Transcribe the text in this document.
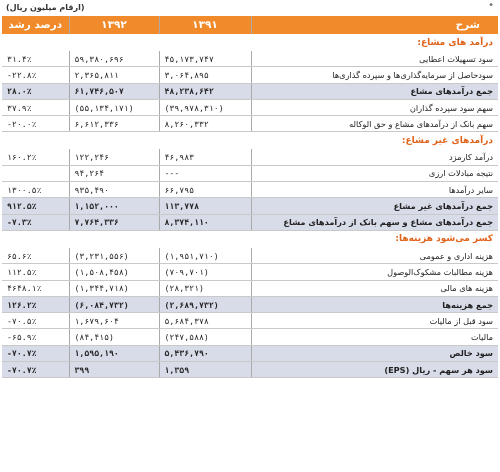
•
(ارقام میلیون ریال)
شرح	۱۳۹۱	۱۳۹۲	درصد رشد
درآمد های مشاع:			
سود تسهیلات اعطایی	۴۵,۱۷۳,۷۴۷	۵۹,۳۸۰,۶۹۶	۳۱.۴٪
سودحاصل از سرمایه‌گذاری‌ها و سپرده گذاری‌ها	۳,۰۶۴,۸۹۵	۲,۳۶۵,۸۱۱	-۲۲.۸٪
جمع درآمدهای مشاع	۴۸,۲۳۸,۶۴۲	۶۱,۷۴۶,۵۰۷	۲۸.۰٪
سهم سود سپرده گذاران	(۳۹,۹۷۸,۳۱۰)	(۵۵,۱۳۴,۱۷۱)	۳۷.۹٪
سهم بانک از درآمدهای مشاع و حق الوکاله	۸,۲۶۰,۳۳۲	۶,۶۱۲,۳۳۶	-۲۰.۰٪
درآمدهای غیر مشاع:			
درآمد کارمزد	۴۶,۹۸۳	۱۲۲,۲۴۶	۱۶۰.۲٪
نتیجه مبادلات ارزی	---	۹۴,۲۶۴	
سایر درآمدها	۶۶,۷۹۵	۹۳۵,۴۹۰	۱۳۰۰.۵٪
جمع درآمدهای غیر مشاع	۱۱۳,۷۷۸	۱,۱۵۲,۰۰۰	۹۱۲.۵٪
جمع درآمدهای مشاع و سهم بانک از درآمدهای مشاع	۸,۳۷۴,۱۱۰	۷,۷۶۴,۳۳۶	-۷.۳٪
کسر می‌شود هزینه‌ها:			
هزینه اداری و عمومی	(۱,۹۵۱,۷۱۰)	(۳,۲۳۱,۵۵۶)	۶۵.۶٪
هزینه مطالبات مشکوک‌الوصول	(۷۰۹,۷۰۱)	(۱,۵۰۸,۴۵۸)	۱۱۲.۵٪
هزینه های مالی	(۲۸,۳۲۱)	(۱,۳۴۴,۷۱۸)	۴۶۴۸.۱٪
جمع هزینه‌ها	(۲,۶۸۹,۷۳۲)	(۶,۰۸۴,۷۳۲)	۱۲۶.۲٪
سود قبل از مالیات	۵,۶۸۴,۳۷۸	۱,۶۷۹,۶۰۴	-۷۰.۵٪
مالیات	(۲۴۷,۵۸۸)	(۸۴,۴۱۵)	-۶۵.۹٪
سود خالص	۵,۴۳۶,۷۹۰	۱,۵۹۵,۱۹۰	-۷۰.۷٪
سود هر سهم - ریال (EPS)	۱,۳۵۹	۳۹۹	-۷۰.۷٪
